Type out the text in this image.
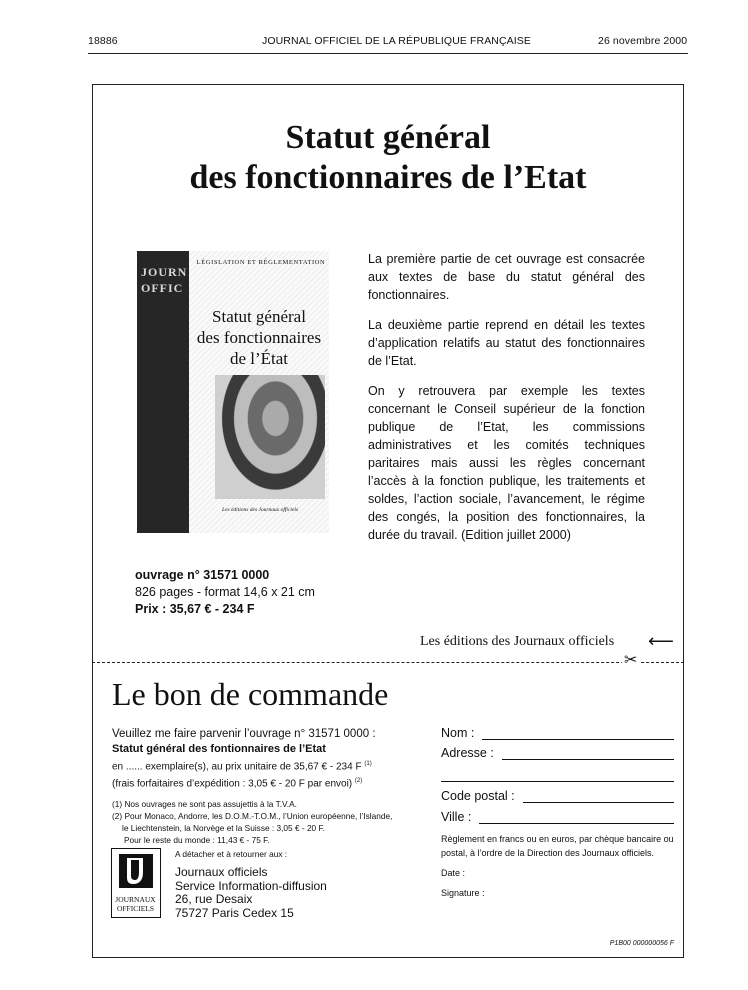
18886	JOURNAL OFFICIEL DE LA RÉPUBLIQUE FRANÇAISE	26 novembre 2000
Statut général
des fonctionnaires de l’Etat
JOURN
OFFIC
LÉGISLATION ET RÉGLEMENTATION
Statut général
des fonctionnaires
de l’État
Les éditions des Journaux officiels

La première partie de cet ouvrage est consacrée aux textes de base du statut général des fonctionnaires.

La deuxième partie reprend en détail les textes d’application relatifs au statut des fonctionnaires de l’Etat.

On y retrouvera par exemple les textes concernant le Conseil supérieur de la fonction publique de l’Etat, les commissions administratives et les comités techniques paritaires mais aussi les règles concernant l’accès à la fonction publique, les traitements et soldes, l’action sociale, l’avancement, le régime des congés, la position des fonctionnaires, la durée du travail. (Edition juillet 2000)

ouvrage n° 31571 0000
826 pages - format 14,6 x 21 cm
Prix : 35,67 € - 234 F
Les éditions des Journaux officiels ⟵
✂
Le bon de commande
Veuillez me faire parvenir l’ouvrage n° 31571 0000 :
Statut général des fontionnaires de l’Etat
en ...... exemplaire(s), au prix unitaire de 35,67 € - 234 F $^{(1)}$
(frais forfaitaires d’expédition : 3,05 € - 20 F par envoi) $^{(2)}$
(1) Nos ouvrages ne sont pas assujettis à la T.V.A.
(2) Pour Monaco, Andorre, les D.O.M.-T.O.M., l’Union européenne, l’Islande,
le Liechtenstein, la Norvège et la Suisse : 3,05 € - 20 F.
Pour le reste du monde : 11,43 € - 75 F.
A détacher et à retourner aux :
JOURNAUX
OFFICIELS
Journaux officiels
Service Information-diffusion
26, rue Desaix
75727 Paris Cedex 15
Nom :
Adresse :
Code postal :
Ville :
Règlement en francs ou en euros, par chèque bancaire ou postal, à l’ordre de la Direction des Journaux officiels.
Date :
Signature :
P1B00 000000056 F
